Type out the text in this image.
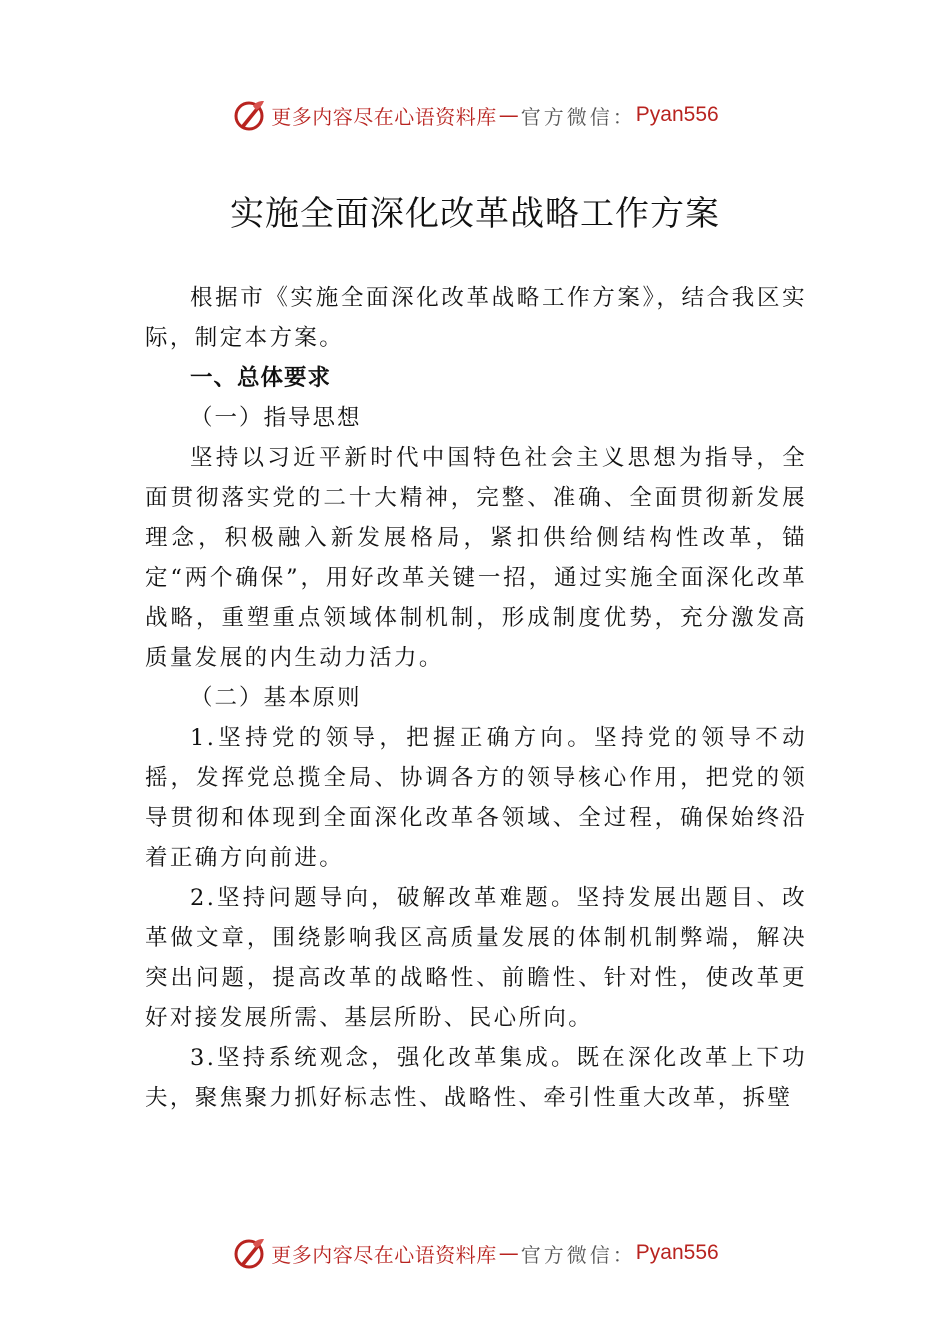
更多内容尽在心语资料库 — 官方微信： Pyan556
实施全面深化改革战略工作方案

根据市《实施全面深化改革战略工作方案》，结合我区实际，制定本方案。

一、总体要求

（一）指导思想

坚持以习近平新时代中国特色社会主义思想为指导，全面贯彻落实党的二十大精神，完整、准确、全面贯彻新发展理念，积极融入新发展格局，紧扣供给侧结构性改革，锚定“两个确保”，用好改革关键一招，通过实施全面深化改革战略，重塑重点领域体制机制，形成制度优势，充分激发高质量发展的内生动力活力。

（二）基本原则

1.坚持党的领导，把握正确方向。坚持党的领导不动摇，发挥党总揽全局、协调各方的领导核心作用，把党的领导贯彻和体现到全面深化改革各领域、全过程，确保始终沿着正确方向前进。

2.坚持问题导向，破解改革难题。坚持发展出题目、改革做文章，围绕影响我区高质量发展的体制机制弊端，解决突出问题，提高改革的战略性、前瞻性、针对性，使改革更好对接发展所需、基层所盼、民心所向。

3.坚持系统观念，强化改革集成。既在深化改革上下功夫，聚焦聚力抓好标志性、战略性、牵引性重大改革，拆壁

更多内容尽在心语资料库 — 官方微信： Pyan556
